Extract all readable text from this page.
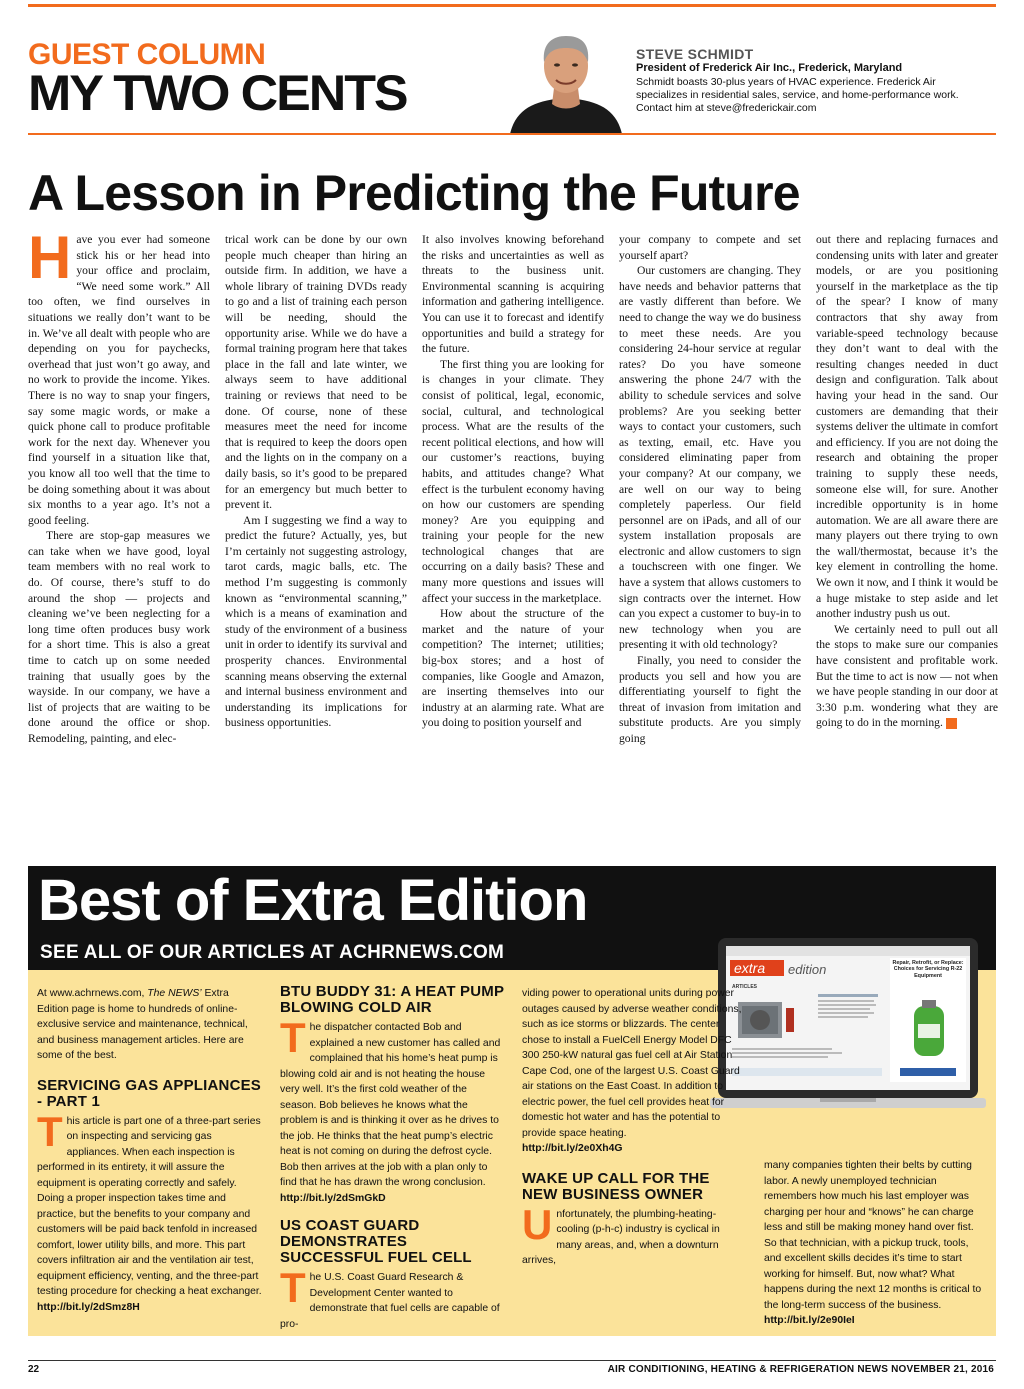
GUEST COLUMN
MY TWO CENTS
STEVE SCHMIDT
President of Frederick Air Inc., Frederick, Maryland
Schmidt boasts 30-plus years of HVAC experience. Frederick Air specializes in residential sales, service, and home-performance work. Contact him at steve@frederickair.com
A Lesson in Predicting the Future

Have you ever had someone stick his or her head into your office and proclaim, “We need some work.” All too often, we find ourselves in situations we really don’t want to be in. We’ve all dealt with people who are depending on you for paychecks, overhead that just won’t go away, and no work to provide the income. Yikes. There is no way to snap your fingers, say some magic words, or make a quick phone call to produce profitable work for the next day. Whenever you find yourself in a situation like that, you know all too well that the time to be doing something about it was about six months to a year ago. It’s not a good feeling.

There are stop-gap measures we can take when we have good, loyal team members with no real work to do. Of course, there’s stuff to do around the shop — projects and cleaning we’ve been neglecting for a long time often produces busy work for a short time. This is also a great time to catch up on some needed training that usually goes by the wayside. In our company, we have a list of projects that are waiting to be done around the office or shop. Remodeling, painting, and elec-

trical work can be done by our own people much cheaper than hiring an outside firm. In addition, we have a whole library of training DVDs ready to go and a list of training each person will be needing, should the opportunity arise. While we do have a formal training program here that takes place in the fall and late winter, we always seem to have additional training or reviews that need to be done. Of course, none of these measures meet the need for income that is required to keep the doors open and the lights on in the company on a daily basis, so it’s good to be prepared for an emergency but much better to prevent it.

Am I suggesting we find a way to predict the future? Actually, yes, but I’m certainly not suggesting astrology, tarot cards, magic balls, etc. The method I’m suggesting is commonly known as “environmental scanning,” which is a means of examination and study of the environment of a business unit in order to identify its survival and prosperity chances. Environmental scanning means observing the external and internal business environment and understanding its implications for business opportunities.

It also involves knowing beforehand the risks and uncertainties as well as threats to the business unit. Environmental scanning is acquiring information and gathering intelligence. You can use it to forecast and identify opportunities and build a strategy for the future.

The first thing you are looking for is changes in your climate. They consist of political, legal, economic, social, cultural, and technological process. What are the results of the recent political elections, and how will our customer’s reactions, buying habits, and attitudes change? What effect is the turbulent economy having on how our customers are spending money? Are you equipping and training your people for the new technological changes that are occurring on a daily basis? These and many more questions and issues will affect your success in the marketplace.

How about the structure of the market and the nature of your competition? The internet; utilities; big-box stores; and a host of companies, like Google and Amazon, are inserting themselves into our industry at an alarming rate. What are you doing to position yourself and

your company to compete and set yourself apart?

Our customers are changing. They have needs and behavior patterns that are vastly different than before. We need to change the way we do business to meet these needs. Are you considering 24-hour service at regular rates? Do you have someone answering the phone 24/7 with the ability to schedule services and solve problems? Are you seeking better ways to contact your customers, such as texting, email, etc. Have you considered eliminating paper from your company? At our company, we are well on our way to being completely paperless. Our field personnel are on iPads, and all of our system installation proposals are electronic and allow customers to sign a touchscreen with one finger. We have a system that allows customers to sign contracts over the internet. How can you expect a customer to buy-in to new technology when you are presenting it with old technology?

Finally, you need to consider the products you sell and how you are differentiating yourself to fight the threat of invasion from imitation and substitute products. Are you simply going

out there and replacing furnaces and condensing units with later and greater models, or are you positioning yourself in the marketplace as the tip of the spear? I know of many contractors that shy away from variable-speed technology because they don’t want to deal with the resulting changes needed in duct design and configuration. Talk about having your head in the sand. Our customers are demanding that their systems deliver the ultimate in comfort and efficiency. If you are not doing the research and obtaining the proper training to supply these needs, someone else will, for sure. Another incredible opportunity is in home automation. We are all aware there are many players out there trying to own the wall/thermostat, because it’s the key element in controlling the home. We own it now, and I think it would be a huge mistake to step aside and let another industry push us out.

We certainly need to pull out all the stops to make sure our companies have consistent and profitable work. But the time to act is now — not when we have people standing in our door at 3:30 p.m. wondering what they are going to do in the morning. N

Best of Extra Edition
SEE ALL OF OUR ARTICLES AT ACHRNEWS.COM
extra edition
ARTICLES
Repair, Retrofit, or Replace: Choices for Servicing R-22 Equipment

At www.achrnews.com, The NEWS’ Extra Edition page is home to hundreds of online-exclusive service and maintenance, technical, and business management articles. Here are some of the best.

SERVICING GAS APPLIANCES - PART 1

This article is part one of a three-part series on inspecting and servicing gas appliances. When each inspection is performed in its entirety, it will assure the equipment is operating correctly and safely. Doing a proper inspection takes time and practice, but the benefits to your company and customers will be paid back tenfold in increased comfort, lower utility bills, and more. This part covers infiltration air and the ventilation air test, equipment efficiency, venting, and the three-part testing procedure for checking a heat exchanger.

http://bit.ly/2dSmz8H

BTU BUDDY 31: A HEAT PUMP BLOWING COLD AIR

The dispatcher contacted Bob and explained a new customer has called and complained that his home’s heat pump is blowing cold air and is not heating the house very well. It’s the first cold weather of the season. Bob believes he knows what the problem is and is thinking it over as he drives to the job. He thinks that the heat pump’s electric heat is not coming on during the defrost cycle. Bob then arrives at the job with a plan only to find that he has drawn the wrong conclusion.

http://bit.ly/2dSmGkD

US COAST GUARD DEMONSTRATES SUCCESSFUL FUEL CELL

The U.S. Coast Guard Research & Development Center wanted to demonstrate that fuel cells are capable of pro-

viding power to operational units during power outages caused by adverse weather conditions, such as ice storms or blizzards. The center chose to install a FuelCell Energy Model DFC 300 250-kW natural gas fuel cell at Air Station Cape Cod, one of the largest U.S. Coast Guard air stations on the East Coast. In addition to electric power, the fuel cell provides heat for domestic hot water and has the potential to provide space heating.

http://bit.ly/2e0Xh4G

WAKE UP CALL FOR THE NEW BUSINESS OWNER

Unfortunately, the plumbing-heating-cooling (p-h-c) industry is cyclical in many areas, and, when a downturn arrives,

many companies tighten their belts by cutting labor. A newly unemployed technician remembers how much his last employer was charging per hour and “knows” he can charge less and still be making money hand over fist. So that technician, with a pickup truck, tools, and excellent skills decides it’s time to start working for himself. But, now what? What happens during the next 12 months is critical to the long-term success of the business.

http://bit.ly/2e90IeI

22	AIR CONDITIONING, HEATING & REFRIGERATION NEWS NOVEMBER 21, 2016
